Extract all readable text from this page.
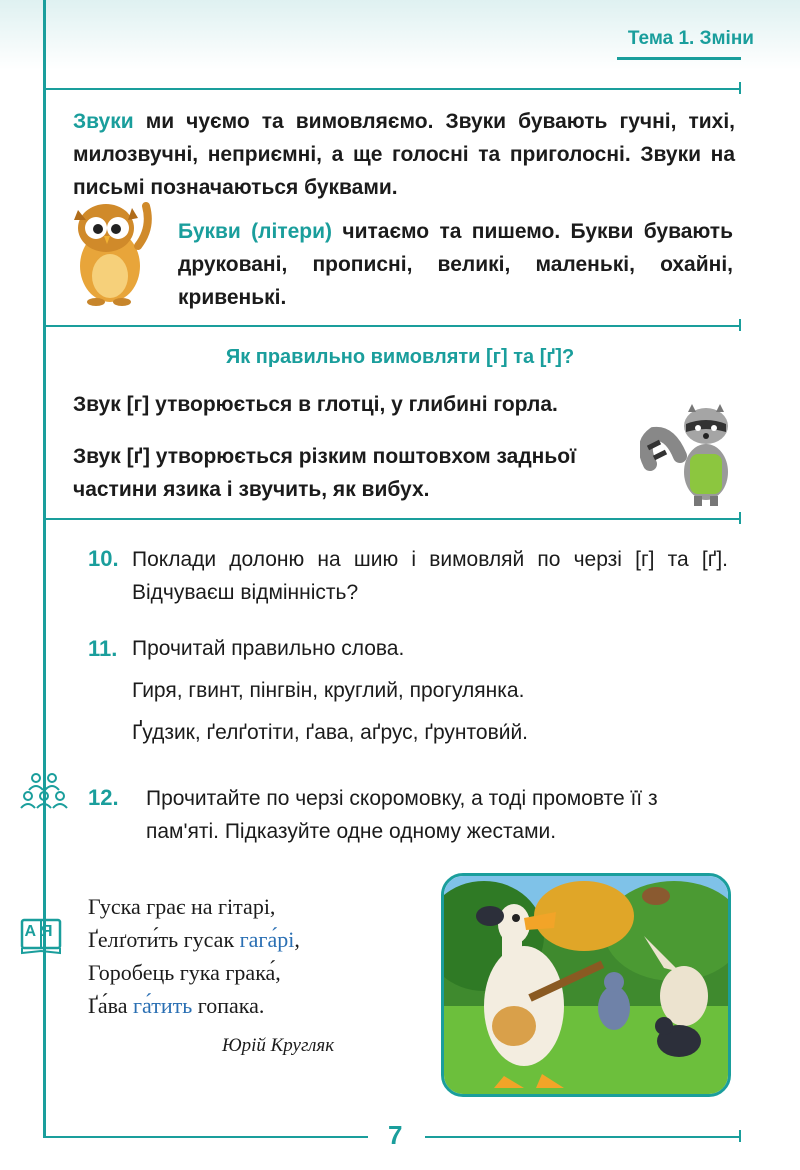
Тема 1. Зміни
Звуки ми чуємо та вимовляємо. Звуки бувають гучні, тихі, милозвучні, неприємні, а ще голосні та приголосні. Звуки на письмі позначаються буквами.
Букви (літери) читаємо та пишемо. Букви бувають друковані, прописні, великі, маленькі, охайні, кривенькі.
Як правильно вимовляти [г] та [ґ]?
Звук [г] утворюється в глотці, у глибині горла.
Звук [ґ] утворюється різким поштовхом задньої частини язика і звучить, як вибух.
10. Поклади долоню на шию і вимовляй по черзі [г] та [ґ]. Відчуваєш відмінність?
11. Прочитай правильно слова.
Гиря, гвинт, пінгвін, круглий, прогулянка.
Ґудзик, ґелґотіти, ґава, аґрус, ґрунтови́й.
12. Прочитайте по черзі скоромовку, а тоді промовте її з пам'яті. Підказуйте одне одному жестами.
АЯ
Гуска грає на гітарі,
Ґелґоти́ть гусак гага́рі,
Горобець гука грака́,
Ґа́ва га́тить гопака.
Юрій Кругляк
7
